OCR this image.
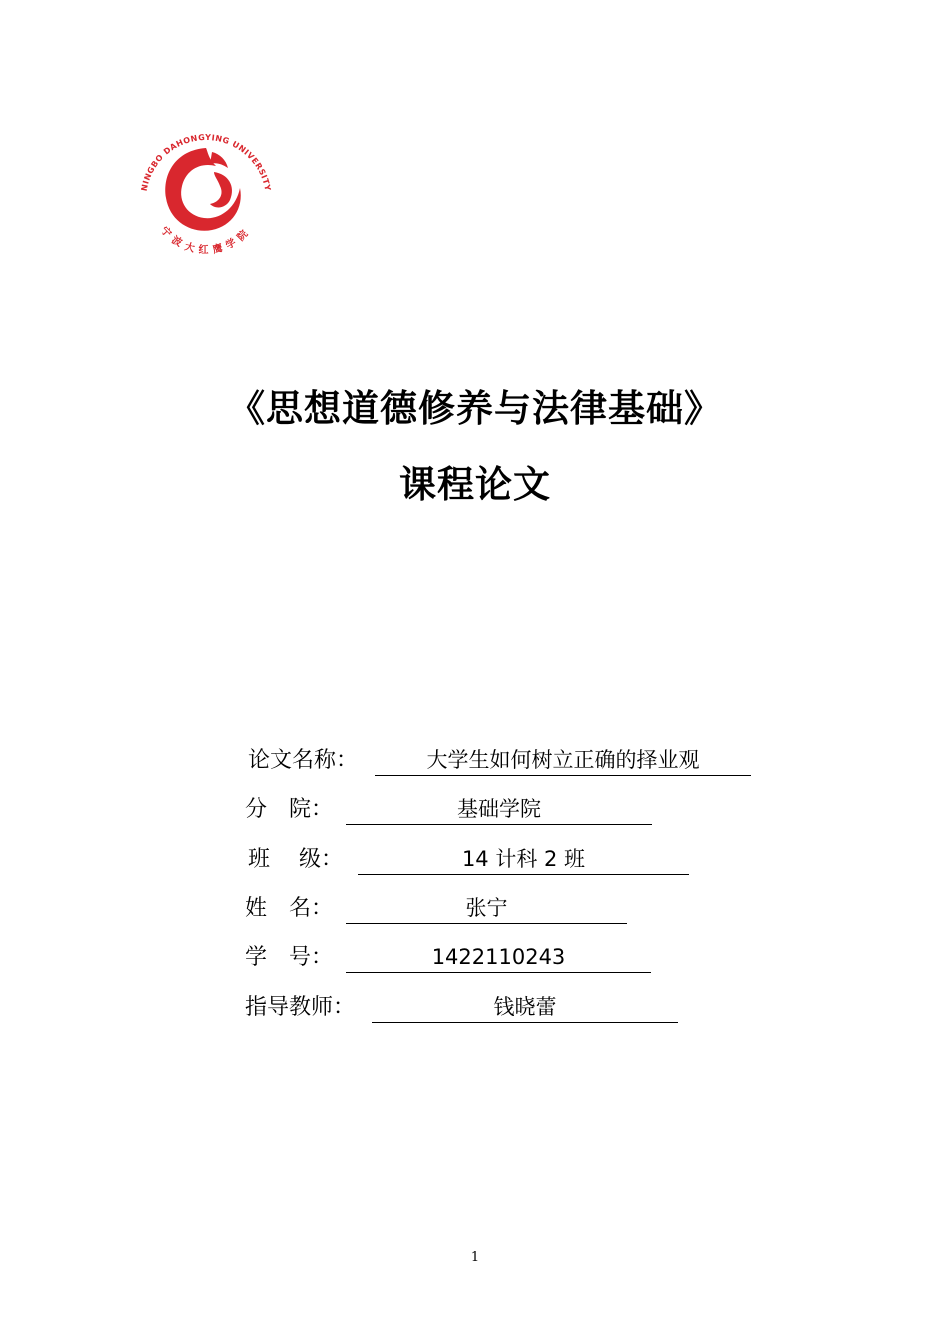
NINGBO DAHONGYING UNIVERSITY
宁波大红鹰学院
《思想道德修养与法律基础》
课程论文
论文名称：	大学生如何树立正确的择业观
分　院：	基础学院
班　 级：	14 计科 2 班
姓　名：	张宁
学　号：	1422110243
指导教师：	钱晓蕾
1
